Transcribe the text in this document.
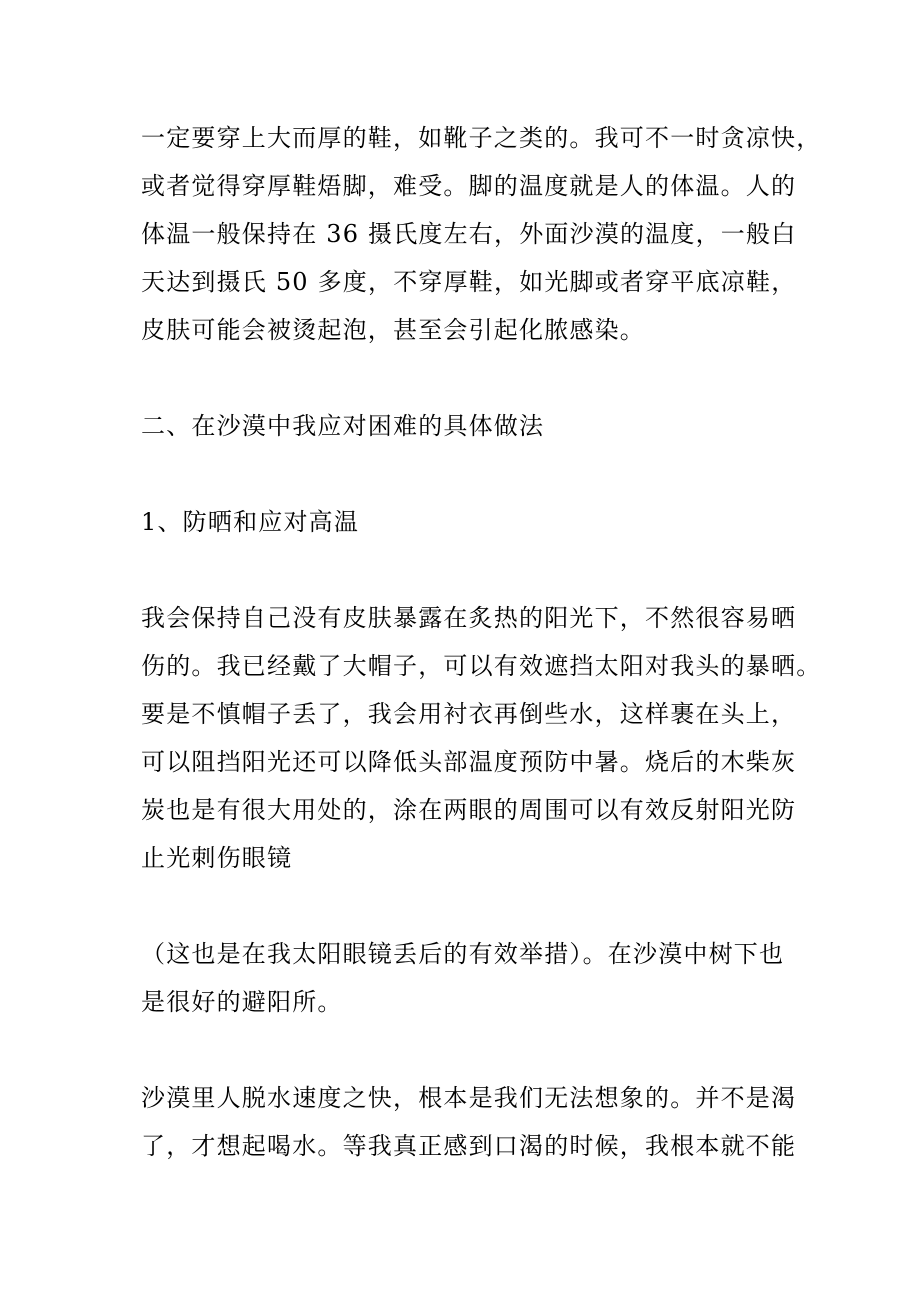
一定要穿上大而厚的鞋，如靴子之类的。我可不一时贪凉快，
或者觉得穿厚鞋焐脚，难受。脚的温度就是人的体温。人的
体温一般保持在 36 摄氏度左右，外面沙漠的温度，一般白
天达到摄氏 50 多度，不穿厚鞋，如光脚或者穿平底凉鞋，
皮肤可能会被烫起泡，甚至会引起化脓感染。
二、在沙漠中我应对困难的具体做法
1、防晒和应对高温
我会保持自己没有皮肤暴露在炙热的阳光下，不然很容易晒
伤的。我已经戴了大帽子，可以有效遮挡太阳对我头的暴晒。
要是不慎帽子丢了，我会用衬衣再倒些水，这样裹在头上，
可以阻挡阳光还可以降低头部温度预防中暑。烧后的木柴灰
炭也是有很大用处的，涂在两眼的周围可以有效反射阳光防
止光刺伤眼镜
（这也是在我太阳眼镜丢后的有效举措）。在沙漠中树下也
是很好的避阳所。
沙漠里人脱水速度之快，根本是我们无法想象的。并不是渴
了，才想起喝水。等我真正感到口渴的时候，我根本就不能
